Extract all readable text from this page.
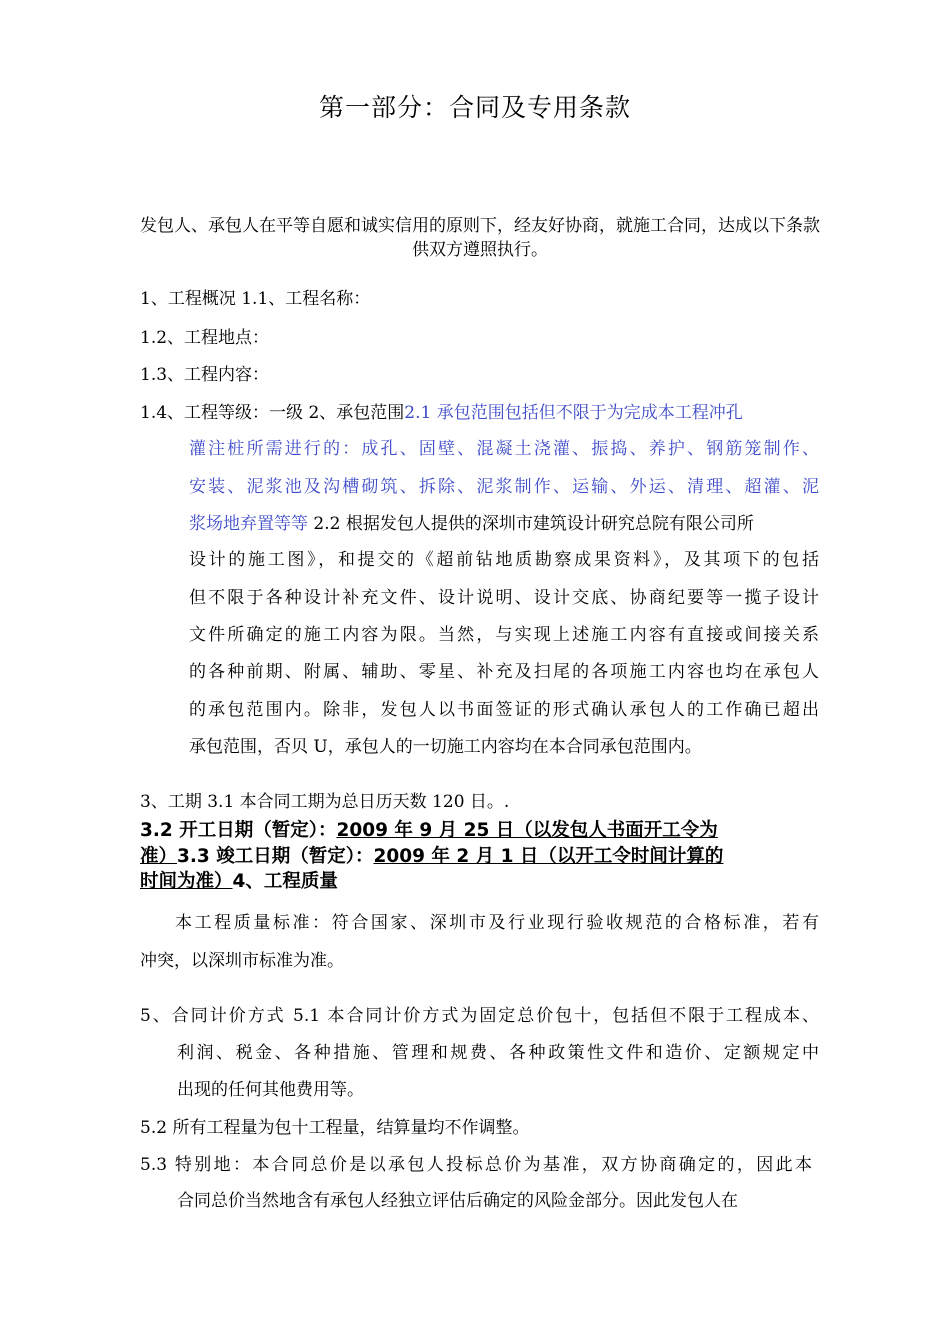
第一部分：合同及专用条款
发包人、承包人在平等自愿和诚实信用的原则下，经友好协商，就施工合同，达成以下条款供双方遵照执行。
1、工程概况 1.1、工程名称：
1.2、工程地点：
1.3、工程内容：
1.4、工程等级：一级 2、承包范围2.1 承包范围包括但不限于为完成本工程冲孔
灌注桩所需进行的：成孔、固壁、混凝土浇灌、振捣、养护、钢筋笼制作、
安装、泥浆池及沟槽砌筑、拆除、泥浆制作、运输、外运、清理、超灌、泥
浆场地弃置等等 2.2 根据发包人提供的深圳市建筑设计研究总院有限公司所
设计的施工图》，和提交的《超前钻地质勘察成果资料》，及其项下的包括
但不限于各种设计补充文件、设计说明、设计交底、协商纪要等一揽子设计
文件所确定的施工内容为限。当然，与实现上述施工内容有直接或间接关系
的各种前期、附属、辅助、零星、补充及扫尾的各项施工内容也均在承包人
的承包范围内。除非，发包人以书面签证的形式确认承包人的工作确已超出
承包范围，否贝 U，承包人的一切施工内容均在本合同承包范围内。
3、工期 3.1 本合同工期为总日历天数 120 日。.
3.2 开工日期（暂定）：2009 年 9 月 25 日（以发包人书面开工令为
准）3.3 竣工日期（暂定）：2009 年 2 月 1 日（以开工令时间计算的
时间为准）4、工程质量
本工程质量标准：符合国家、深圳市及行业现行验收规范的合格标准，若有
冲突，以深圳市标准为准。
5、合同计价方式 5.1 本合同计价方式为固定总价包十，包括但不限于工程成本、
利润、税金、各种措施、管理和规费、各种政策性文件和造价、定额规定中
出现的任何其他费用等。
5.2 所有工程量为包十工程量，结算量均不作调整。
5.3 特别地：本合同总价是以承包人投标总价为基准，双方协商确定的，因此本
合同总价当然地含有承包人经独立评估后确定的风险金部分。因此发包人在
